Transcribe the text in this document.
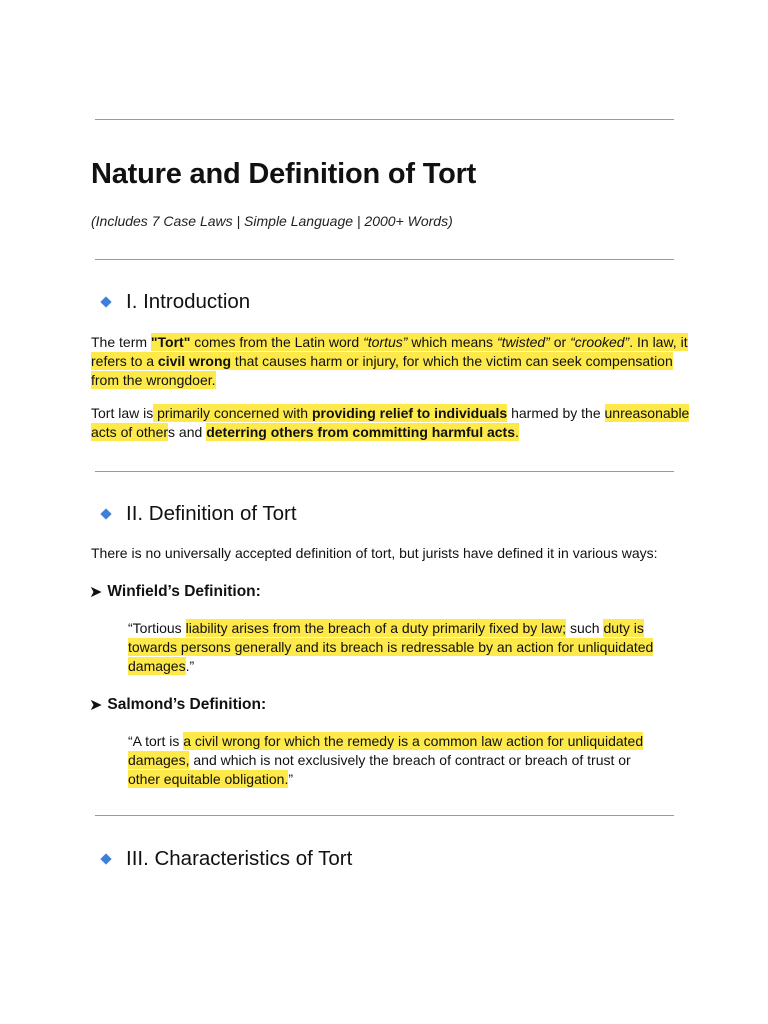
Nature and Definition of Tort

(Includes 7 Case Laws | Simple Language | 2000+ Words)

I. Introduction

The term "Tort" comes from the Latin word “tortus” which means “twisted” or “crooked”. In law, it refers to a civil wrong that causes harm or injury, for which the victim can seek compensation from the wrongdoer.

Tort law is primarily concerned with providing relief to individuals harmed by the unreasonable acts of others and deterring others from committing harmful acts.

II. Definition of Tort

There is no universally accepted definition of tort, but jurists have defined it in various ways:

➤ Winfield’s Definition:

“Tortious liability arises from the breach of a duty primarily fixed by law; such duty is towards persons generally and its breach is redressable by an action for unliquidated damages.”

➤ Salmond’s Definition:

“A tort is a civil wrong for which the remedy is a common law action for unliquidated damages, and which is not exclusively the breach of contract or breach of trust or other equitable obligation.”

III. Characteristics of Tort
